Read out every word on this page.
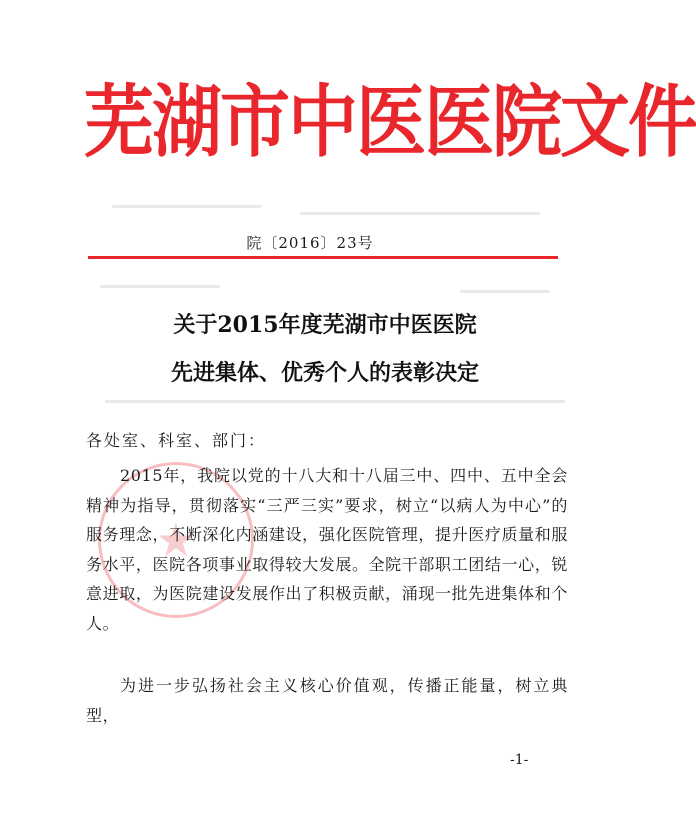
芜湖市中医医院文件
院〔2016〕23号
关于2015年度芜湖市中医医院
先进集体、优秀个人的表彰决定
各处室、科室、部门：
★

2015年，我院以党的十八大和十八届三中、四中、五中全会精神为指导，贯彻落实“三严三实”要求，树立“以病人为中心”的服务理念，不断深化内涵建设，强化医院管理，提升医疗质量和服务水平，医院各项事业取得较大发展。全院干部职工团结一心，锐意进取，为医院建设发展作出了积极贡献，涌现一批先进集体和个人。

为进一步弘扬社会主义核心价值观，传播正能量，树立典型，

-1-
